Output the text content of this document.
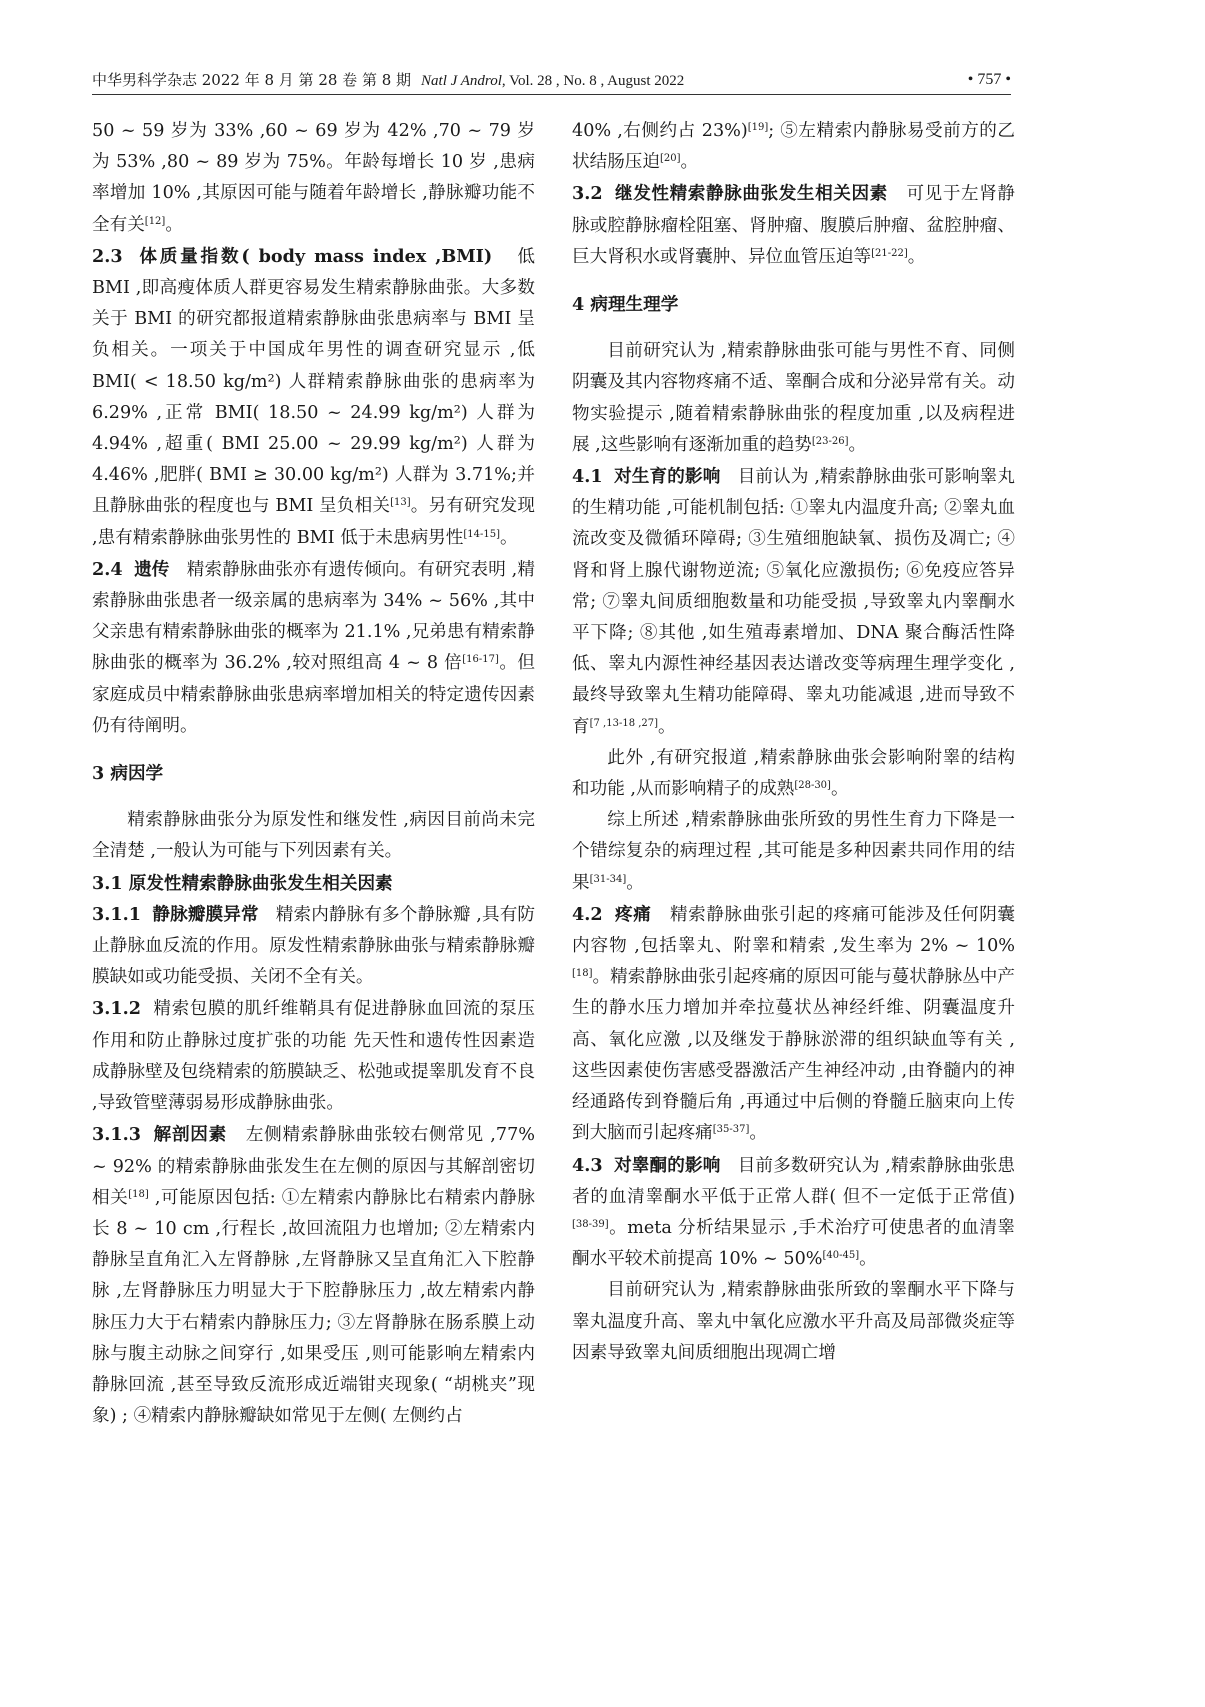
中华男科学杂志 2022 年 8 月 第 28 卷 第 8 期 Natl J Androl, Vol. 28 , No. 8 , August 2022	• 757 •

50 ~ 59 岁为 33% ,60 ~ 69 岁为 42% ,70 ~ 79 岁为 53% ,80 ~ 89 岁为 75%。年龄每增长 10 岁 ,患病率增加 10% ,其原因可能与随着年龄增长 ,静脉瓣功能不全有关[12]。

2.3 体质量指数( body mass index ,BMI) 低 BMI ,即高瘦体质人群更容易发生精索静脉曲张。大多数关于 BMI 的研究都报道精索静脉曲张患病率与 BMI 呈负相关。一项关于中国成年男性的调查研究显示 ,低 BMI( < 18.50 kg/m²) 人群精索静脉曲张的患病率为 6.29% ,正常 BMI( 18.50 ~ 24.99 kg/m²) 人群为 4.94% ,超重( BMI 25.00 ~ 29.99 kg/m²) 人群为 4.46% ,肥胖( BMI ≥ 30.00 kg/m²) 人群为 3.71%;并且静脉曲张的程度也与 BMI 呈负相关[13]。另有研究发现 ,患有精索静脉曲张男性的 BMI 低于未患病男性[14-15]。

2.4 遗传 精索静脉曲张亦有遗传倾向。有研究表明 ,精索静脉曲张患者一级亲属的患病率为 34% ~ 56% ,其中父亲患有精索静脉曲张的概率为 21.1% ,兄弟患有精索静脉曲张的概率为 36.2% ,较对照组高 4 ~ 8 倍[16-17]。但家庭成员中精索静脉曲张患病率增加相关的特定遗传因素仍有待阐明。

3 病因学

精索静脉曲张分为原发性和继发性 ,病因目前尚未完全清楚 ,一般认为可能与下列因素有关。

3.1 原发性精索静脉曲张发生相关因素

3.1.1 静脉瓣膜异常 精索内静脉有多个静脉瓣 ,具有防止静脉血反流的作用。原发性精索静脉曲张与精索静脉瓣膜缺如或功能受损、关闭不全有关。

3.1.2 精索包膜的肌纤维鞘具有促进静脉血回流的泵压作用和防止静脉过度扩张的功能 先天性和遗传性因素造成静脉壁及包绕精索的筋膜缺乏、松弛或提睾肌发育不良 ,导致管壁薄弱易形成静脉曲张。

3.1.3 解剖因素 左侧精索静脉曲张较右侧常见 ,77% ~ 92% 的精索静脉曲张发生在左侧的原因与其解剖密切相关[18] ,可能原因包括: ①左精索内静脉比右精索内静脉长 8 ~ 10 cm ,行程长 ,故回流阻力也增加; ②左精索内静脉呈直角汇入左肾静脉 ,左肾静脉又呈直角汇入下腔静脉 ,左肾静脉压力明显大于下腔静脉压力 ,故左精索内静脉压力大于右精索内静脉压力; ③左肾静脉在肠系膜上动脉与腹主动脉之间穿行 ,如果受压 ,则可能影响左精索内静脉回流 ,甚至导致反流形成近端钳夹现象( “胡桃夹”现象) ; ④精索内静脉瓣缺如常见于左侧( 左侧约占

40% ,右侧约占 23%)[19]; ⑤左精索内静脉易受前方的乙状结肠压迫[20]。

3.2 继发性精索静脉曲张发生相关因素 可见于左肾静脉或腔静脉瘤栓阻塞、肾肿瘤、腹膜后肿瘤、盆腔肿瘤、巨大肾积水或肾囊肿、异位血管压迫等[21-22]。

4 病理生理学

目前研究认为 ,精索静脉曲张可能与男性不育、同侧阴囊及其内容物疼痛不适、睾酮合成和分泌异常有关。动物实验提示 ,随着精索静脉曲张的程度加重 ,以及病程进展 ,这些影响有逐渐加重的趋势[23-26]。

4.1 对生育的影响 目前认为 ,精索静脉曲张可影响睾丸的生精功能 ,可能机制包括: ①睾丸内温度升高; ②睾丸血流改变及微循环障碍; ③生殖细胞缺氧、损伤及凋亡; ④肾和肾上腺代谢物逆流; ⑤氧化应激损伤; ⑥免疫应答异常; ⑦睾丸间质细胞数量和功能受损 ,导致睾丸内睾酮水平下降; ⑧其他 ,如生殖毒素增加、DNA 聚合酶活性降低、睾丸内源性神经基因表达谱改变等病理生理学变化 ,最终导致睾丸生精功能障碍、睾丸功能减退 ,进而导致不育[7 ,13-18 ,27]。

此外 ,有研究报道 ,精索静脉曲张会影响附睾的结构和功能 ,从而影响精子的成熟[28-30]。

综上所述 ,精索静脉曲张所致的男性生育力下降是一个错综复杂的病理过程 ,其可能是多种因素共同作用的结果[31-34]。

4.2 疼痛 精索静脉曲张引起的疼痛可能涉及任何阴囊内容物 ,包括睾丸、附睾和精索 ,发生率为 2% ~ 10%[18]。精索静脉曲张引起疼痛的原因可能与蔓状静脉丛中产生的静水压力增加并牵拉蔓状丛神经纤维、阴囊温度升高、氧化应激 ,以及继发于静脉淤滞的组织缺血等有关 ,这些因素使伤害感受器激活产生神经冲动 ,由脊髓内的神经通路传到脊髓后角 ,再通过中后侧的脊髓丘脑束向上传到大脑而引起疼痛[35-37]。

4.3 对睾酮的影响 目前多数研究认为 ,精索静脉曲张患者的血清睾酮水平低于正常人群( 但不一定低于正常值)[38-39]。meta 分析结果显示 ,手术治疗可使患者的血清睾酮水平较术前提高 10% ~ 50%[40-45]。

目前研究认为 ,精索静脉曲张所致的睾酮水平下降与睾丸温度升高、睾丸中氧化应激水平升高及局部微炎症等因素导致睾丸间质细胞出现凋亡增
